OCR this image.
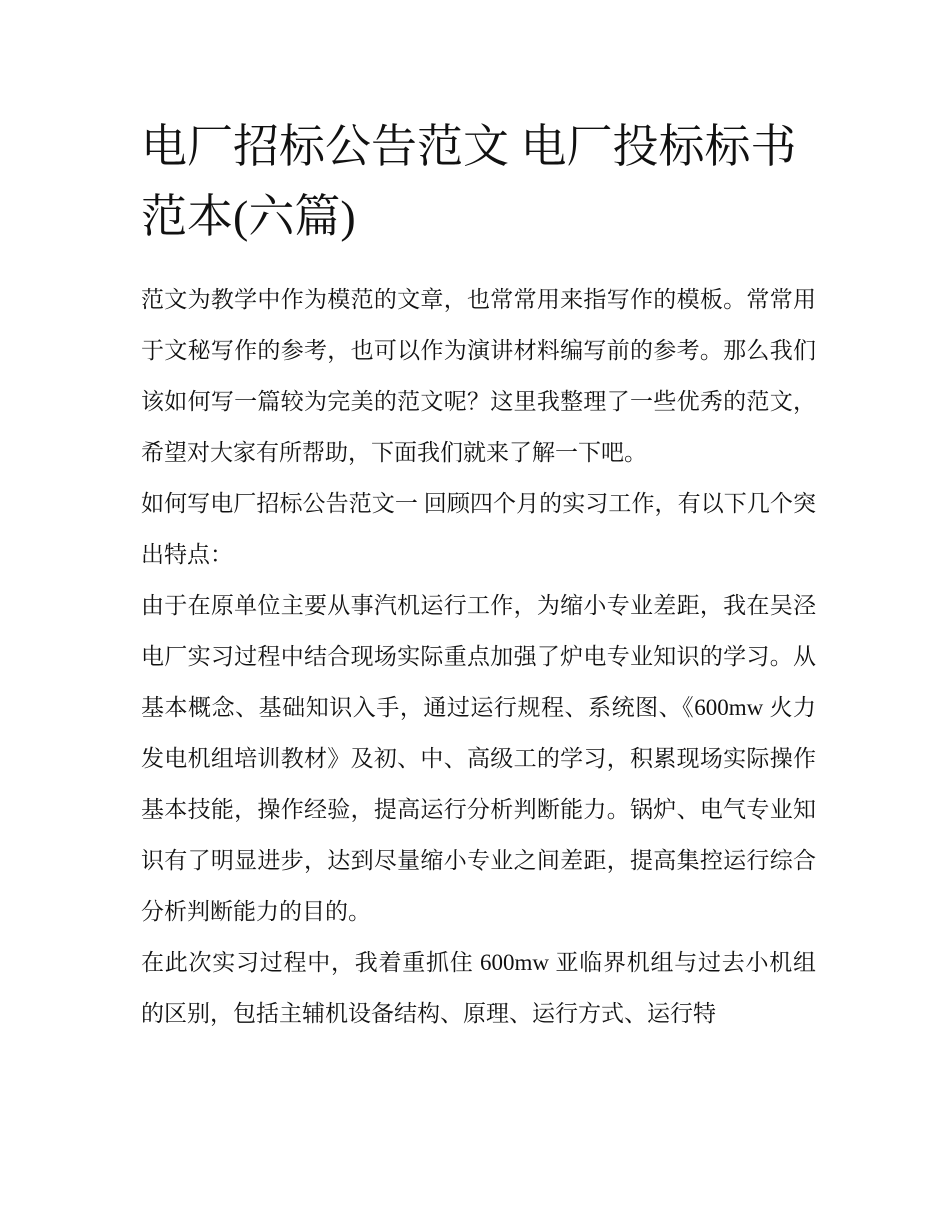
电厂招标公告范文 电厂投标标书范本(六篇)

范文为教学中作为模范的文章，也常常用来指写作的模板。常常用于文秘写作的参考，也可以作为演讲材料编写前的参考。那么我们该如何写一篇较为完美的范文呢？这里我整理了一些优秀的范文，希望对大家有所帮助，下面我们就来了解一下吧。

如何写电厂招标公告范文一 回顾四个月的实习工作，有以下几个突出特点：

由于在原单位主要从事汽机运行工作，为缩小专业差距，我在吴泾电厂实习过程中结合现场实际重点加强了炉电专业知识的学习。从基本概念、基础知识入手，通过运行规程、系统图、《600mw 火力发电机组培训教材》及初、中、高级工的学习，积累现场实际操作基本技能，操作经验，提高运行分析判断能力。锅炉、电气专业知识有了明显进步，达到尽量缩小专业之间差距，提高集控运行综合分析判断能力的目的。

在此次实习过程中，我着重抓住 600mw 亚临界机组与过去小机组的区别，包括主辅机设备结构、原理、运行方式、运行特
